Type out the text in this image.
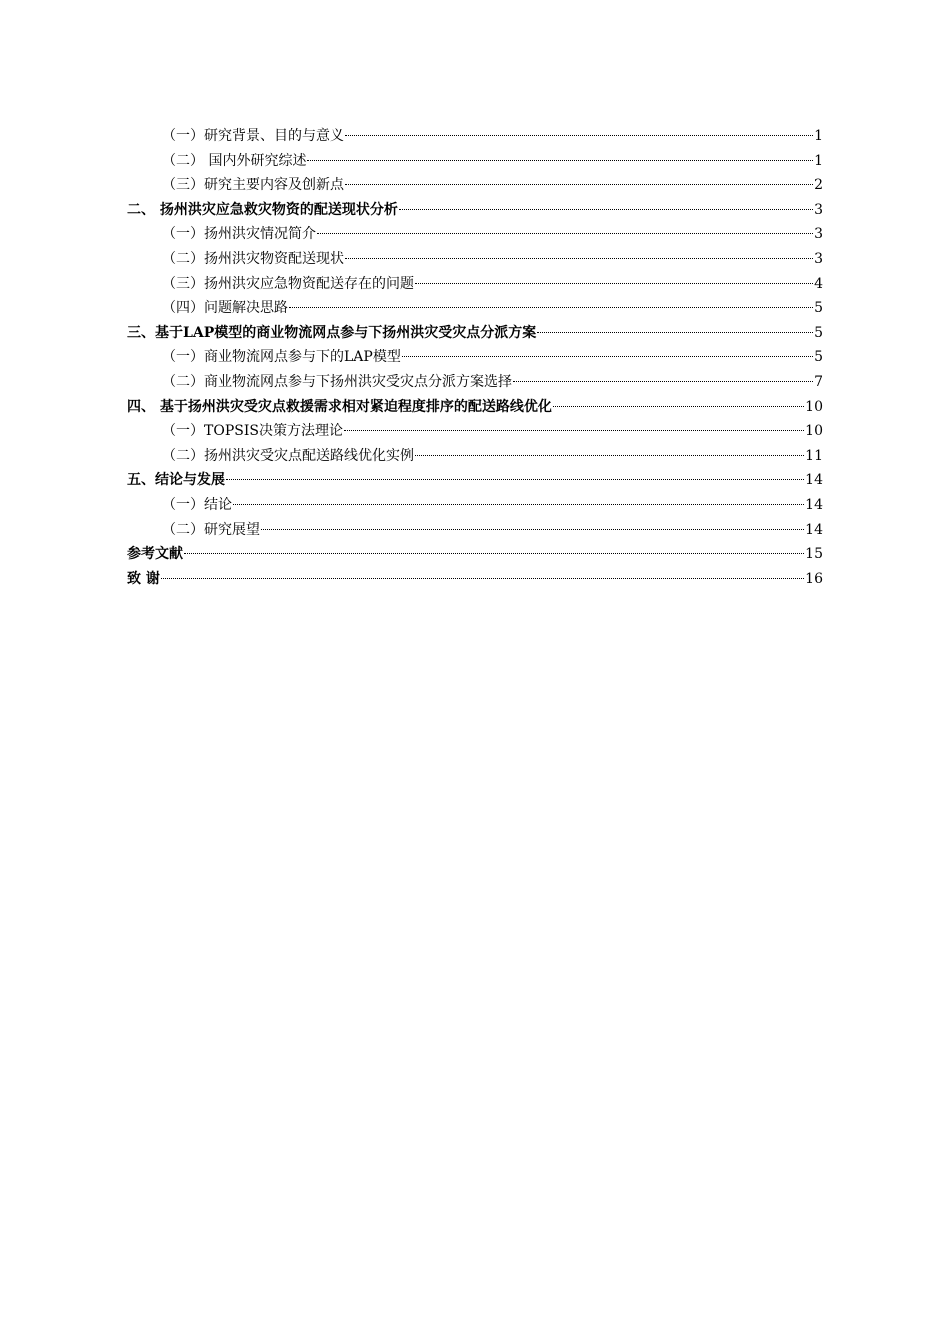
（一）研究背景、目的与意义	1
（二） 国内外研究综述	1
（三）研究主要内容及创新点	2
二、 扬州洪灾应急救灾物资的配送现状分析	3
（一）扬州洪灾情况简介	3
（二）扬州洪灾物资配送现状	3
（三）扬州洪灾应急物资配送存在的问题	4
（四）问题解决思路	5
三、基于LAP模型的商业物流网点参与下扬州洪灾受灾点分派方案	5
（一）商业物流网点参与下的LAP模型	5
（二）商业物流网点参与下扬州洪灾受灾点分派方案选择	7
四、 基于扬州洪灾受灾点救援需求相对紧迫程度排序的配送路线优化	10
（一）TOPSIS决策方法理论	10
（二）扬州洪灾受灾点配送路线优化实例	11
五、结论与发展	14
（一）结论	14
（二）研究展望	14
参考文献	15
致 谢	16
